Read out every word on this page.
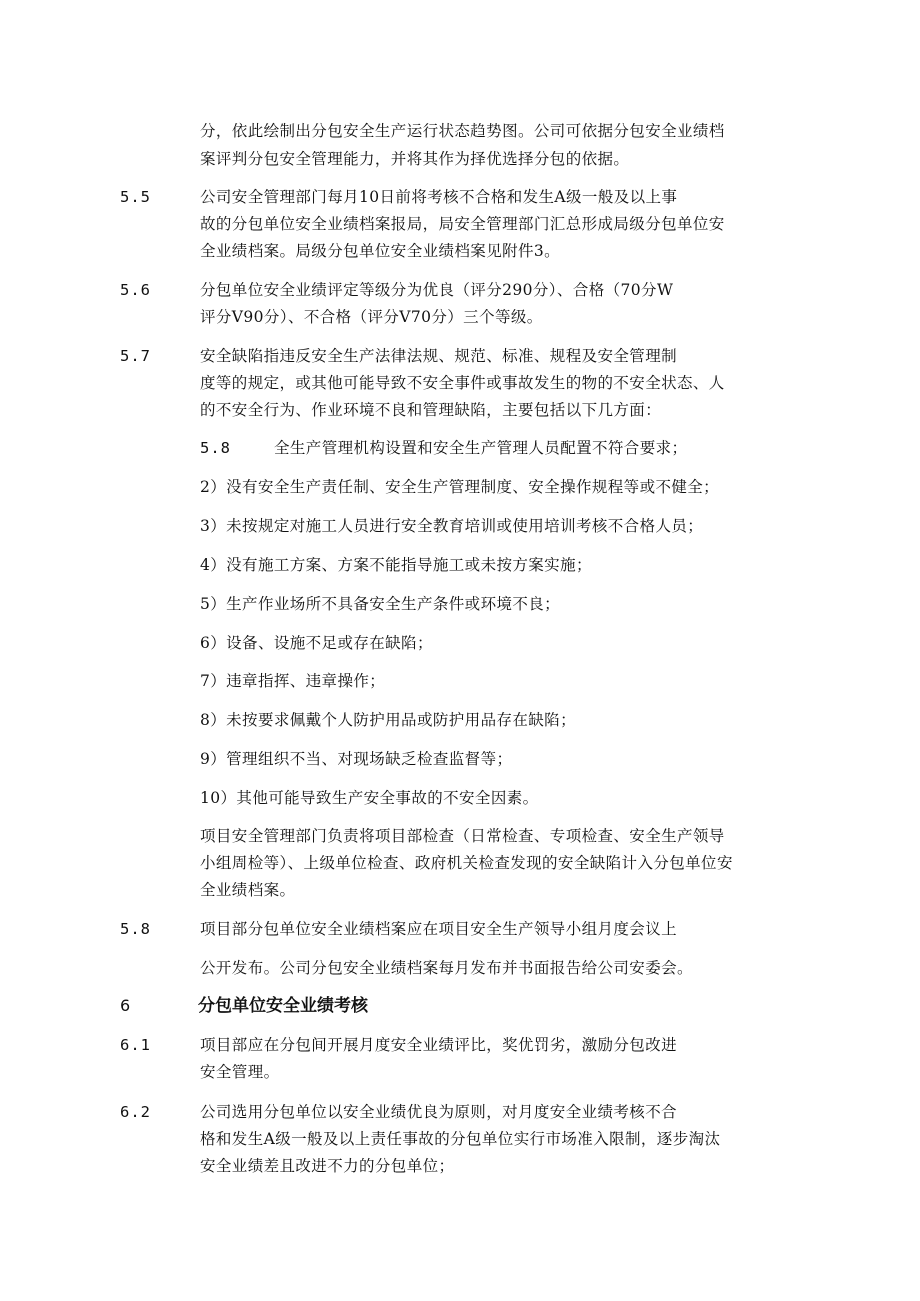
分，依此绘制出分包安全生产运行状态趋势图。公司可依据分包安全业绩档
案评判分包安全管理能力，并将其作为择优选择分包的依据。
5.5	公司安全管理部门每月10日前将考核不合格和发生A级一般及以上事
故的分包单位安全业绩档案报局，局安全管理部门汇总形成局级分包单位安
全业绩档案。局级分包单位安全业绩档案见附件3。
5.6	分包单位安全业绩评定等级分为优良（评分290分）、合格（70分W
评分V90分）、不合格（评分V70分）三个等级。
5.7	安全缺陷指违反安全生产法律法规、规范、标准、规程及安全管理制
度等的规定，或其他可能导致不安全事件或事故发生的物的不安全状态、人
的不安全行为、作业环境不良和管理缺陷，主要包括以下几方面：
5.8	全生产管理机构设置和安全生产管理人员配置不符合要求；
2）没有安全生产责任制、安全生产管理制度、安全操作规程等或不健全；
3）未按规定对施工人员进行安全教育培训或使用培训考核不合格人员；
4）没有施工方案、方案不能指导施工或未按方案实施；
5）生产作业场所不具备安全生产条件或环境不良；
6）设备、设施不足或存在缺陷；
7）违章指挥、违章操作；
8）未按要求佩戴个人防护用品或防护用品存在缺陷；
9）管理组织不当、对现场缺乏检查监督等；
10）其他可能导致生产安全事故的不安全因素。
项目安全管理部门负责将项目部检查（日常检查、专项检查、安全生产领导
小组周检等）、上级单位检查、政府机关检查发现的安全缺陷计入分包单位安
全业绩档案。
5.8	项目部分包单位安全业绩档案应在项目安全生产领导小组月度会议上
公开发布。公司分包安全业绩档案每月发布并书面报告给公司安委会。
6	分包单位安全业绩考核
6.1	项目部应在分包间开展月度安全业绩评比，奖优罚劣，激励分包改进
安全管理。
6.2	公司选用分包单位以安全业绩优良为原则，对月度安全业绩考核不合
格和发生A级一般及以上责任事故的分包单位实行市场准入限制，逐步淘汰
安全业绩差且改进不力的分包单位；
